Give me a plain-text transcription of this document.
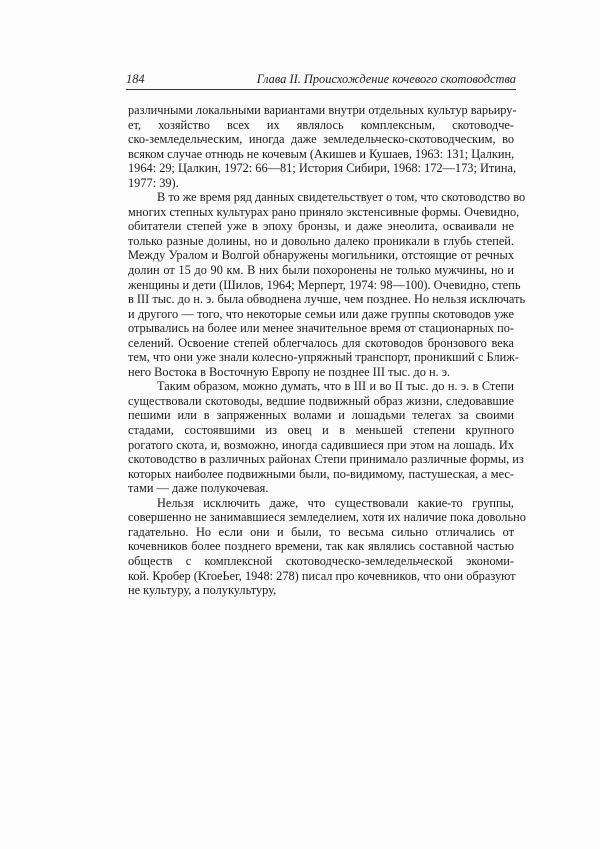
184	Глава II. Происхождение кочевого скотоводства
различными локальными вариантами внутри отдельных культур варьиру-
ет, хозяйство всех их являлось комплексным, скотоводче-
ско-земледельческим, иногда даже земледельческо-скотоводческим, во
всяком случае отнюдь не кочевым (Акишев и Кушаев, 1963: 131; Цалкин,
1964: 29; Цалкин, 1972: 66—81; История Сибири, 1968: 172—173; Итина,
1977: 39).
В то же время ряд данных свидетельствует о том, что скотоводство во
многих степных культурах рано приняло экстенсивные формы. Очевидно,
обитатели степей уже в эпоху бронзы, и даже энеолита, осваивали не
только разные долины, но и довольно далеко проникали в глубь степей.
Между Уралом и Волгой обнаружены могильники, отстоящие от речных
долин от 15 до 90 км. В них были похоронены не только мужчины, но и
женщины и дети (Шилов, 1964; Мерперт, 1974: 98—100). Очевидно, степь
в III тыс. до н. э. была обводнена лучше, чем позднее. Но нельзя исключать
и другого — того, что некоторые семьи или даже группы скотоводов уже
отрывались на более или менее значительное время от стационарных по-
селений. Освоение степей облегчалось для скотоводов бронзового века
тем, что они уже знали колесно-упряжный транспорт, проникший с Ближ-
него Востока в Восточную Европу не позднее III тыс. до н. э.
Таким образом, можно думать, что в III и во II тыс. до н. э. в Степи
существовали скотоводы, ведшие подвижный образ жизни, следовавшие
пешими или в запряженных волами и лошадьми телегах за своими
стадами, состоявшими из овец и в меньшей степени крупного
рогатого скота, и, возможно, иногда садившиеся при этом на лошадь. Их
скотоводство в различных районах Степи принимало различные формы, из
которых наиболее подвижными были, по-видимому, пастушеская, а мес-
тами — даже полукочевая.
Нельзя исключить даже, что существовали какие-то группы,
совершенно не занимавшиеся земледелием, хотя их наличие пока довольно
гадательно. Но если они и были, то весьма сильно отличались от
кочевников более позднего времени, так как являлись составной частью
обществ с комплексной скотоводческо-земледельческой экономи-
кой. Кробер (KroeЬег, 1948: 278) писал про кочевников, что они образуют
не культуру, а полукультуру,
